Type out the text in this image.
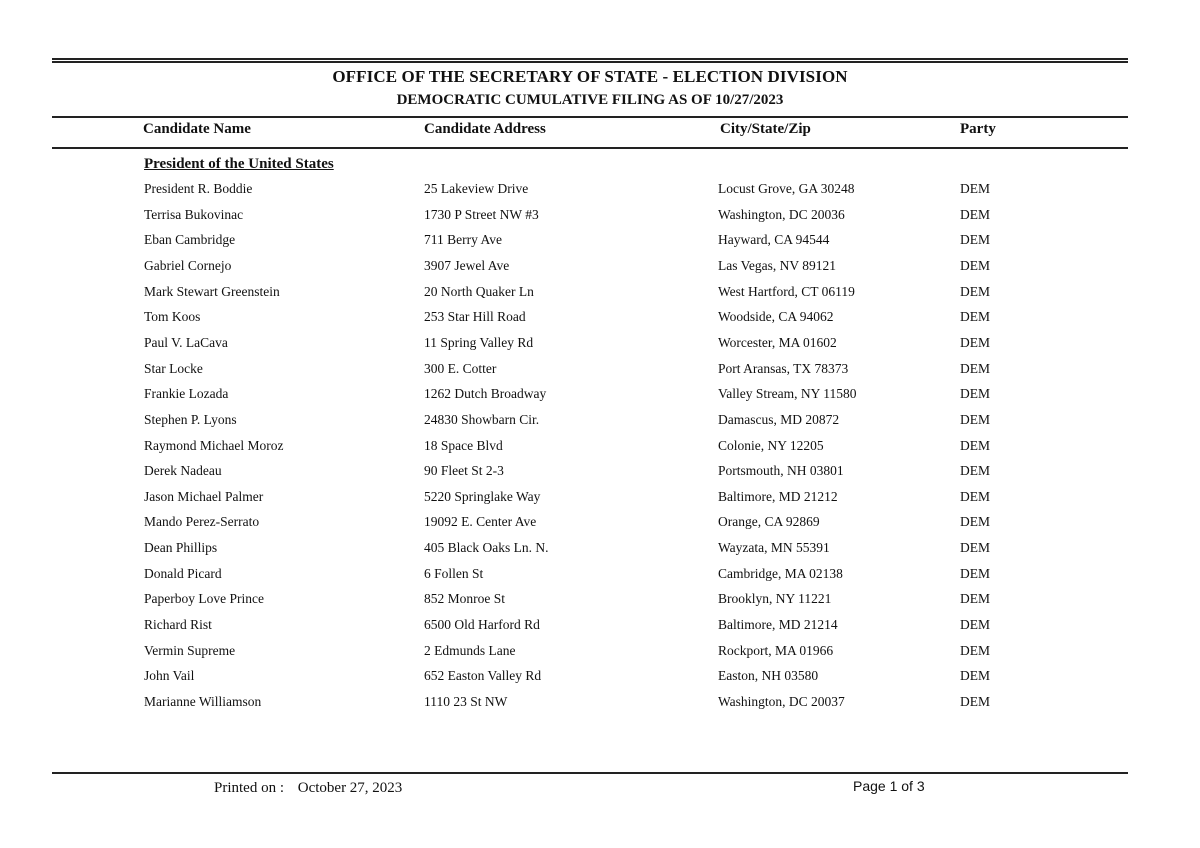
OFFICE OF THE SECRETARY OF STATE - ELECTION DIVISION
DEMOCRATIC CUMULATIVE FILING AS OF 10/27/2023
Candidate Name	Candidate Address	City/State/Zip	Party
President of the United States
President R. Boddie	25 Lakeview Drive	Locust Grove, GA 30248	DEM
Terrisa Bukovinac	1730 P Street NW #3	Washington, DC 20036	DEM
Eban Cambridge	711 Berry Ave	Hayward, CA 94544	DEM
Gabriel Cornejo	3907 Jewel Ave	Las Vegas, NV 89121	DEM
Mark Stewart Greenstein	20 North Quaker Ln	West Hartford, CT 06119	DEM
Tom Koos	253 Star Hill Road	Woodside, CA 94062	DEM
Paul V. LaCava	11 Spring Valley Rd	Worcester, MA 01602	DEM
Star Locke	300 E. Cotter	Port Aransas, TX 78373	DEM
Frankie Lozada	1262 Dutch Broadway	Valley Stream, NY 11580	DEM
Stephen P. Lyons	24830 Showbarn Cir.	Damascus, MD 20872	DEM
Raymond Michael Moroz	18 Space Blvd	Colonie, NY 12205	DEM
Derek Nadeau	90 Fleet St 2-3	Portsmouth, NH 03801	DEM
Jason Michael Palmer	5220 Springlake Way	Baltimore, MD 21212	DEM
Mando Perez-Serrato	19092 E. Center Ave	Orange, CA 92869	DEM
Dean Phillips	405 Black Oaks Ln. N.	Wayzata, MN 55391	DEM
Donald Picard	6 Follen St	Cambridge, MA 02138	DEM
Paperboy Love Prince	852 Monroe St	Brooklyn, NY 11221	DEM
Richard Rist	6500 Old Harford Rd	Baltimore, MD 21214	DEM
Vermin Supreme	2 Edmunds Lane	Rockport, MA 01966	DEM
John Vail	652 Easton Valley Rd	Easton, NH 03580	DEM
Marianne Williamson	1110 23 St NW	Washington, DC 20037	DEM
Printed on : October 27, 2023	Page 1 of 3
